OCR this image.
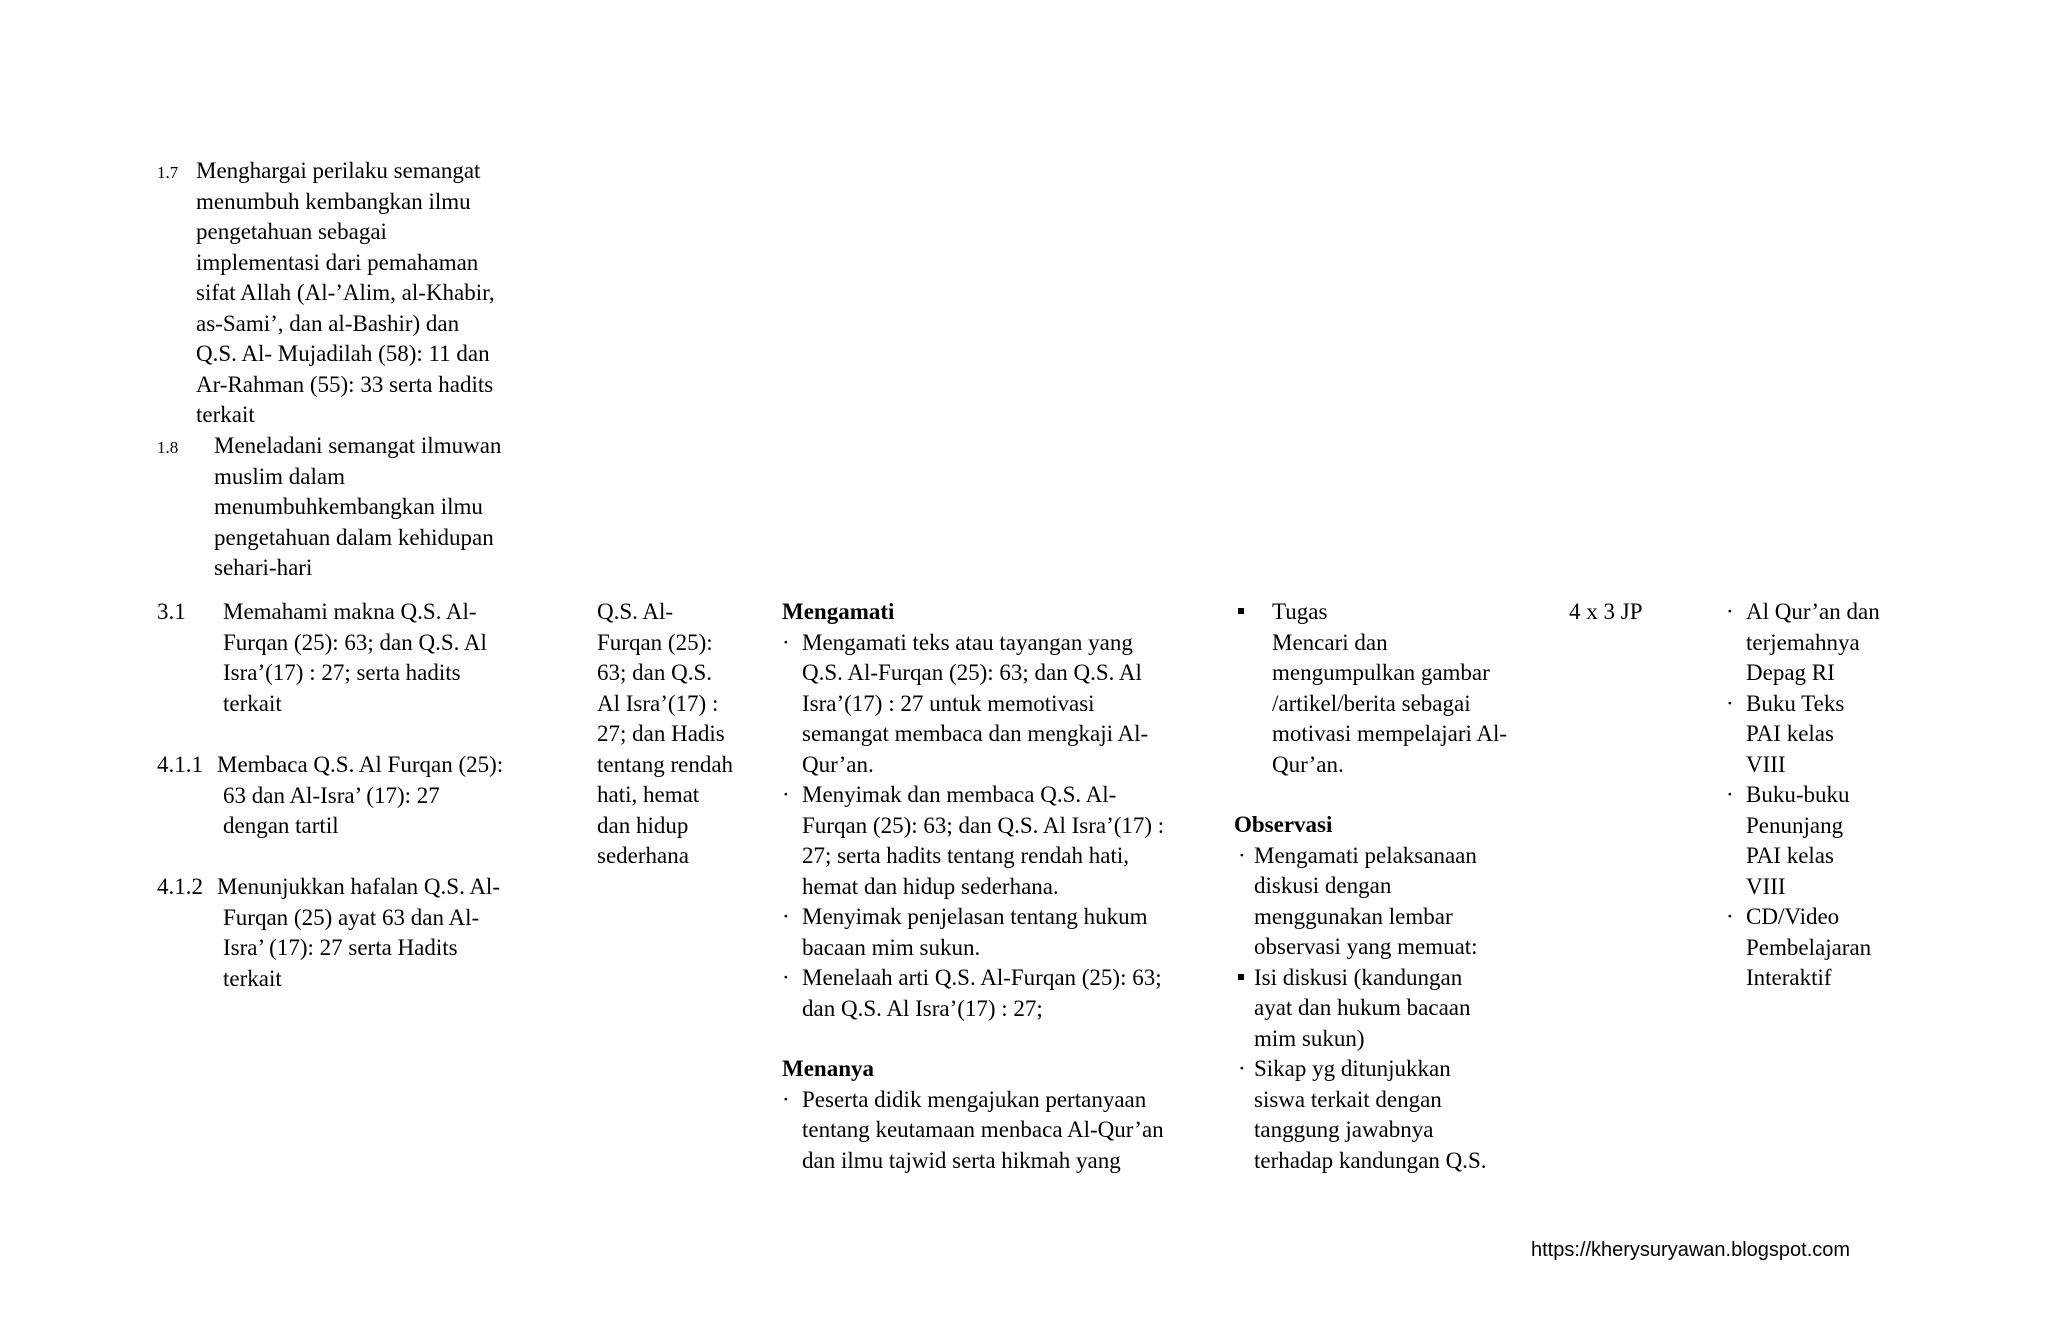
1.7 Menghargai perilaku semangat
menumbuh kembangkan ilmu
pengetahuan sebagai
implementasi dari pemahaman
sifat Allah (Al-’Alim, al-Khabir,
as-Sami’, dan al-Bashir) dan
Q.S. Al- Mujadilah (58): 11 dan
Ar-Rahman (55): 33 serta hadits
terkait
1.8 Meneladani semangat ilmuwan
muslim dalam
menumbuhkembangkan ilmu
pengetahuan dalam kehidupan
sehari-hari
3.1 Memahami makna Q.S. Al-
Furqan (25): 63; dan Q.S. Al
Isra’(17) : 27; serta hadits
terkait
4.1.1 Membaca Q.S. Al Furqan (25):
63 dan Al-Isra’ (17): 27
dengan tartil
4.1.2 Menunjukkan hafalan Q.S. Al-
Furqan (25) ayat 63 dan Al-
Isra’ (17): 27 serta Hadits
terkait
Q.S. Al-
Furqan (25):
63; dan Q.S.
Al Isra’(17) :
27; dan Hadis
tentang rendah
hati, hemat
dan hidup
sederhana
Mengamati
· Mengamati teks atau tayangan yang
Q.S. Al-Furqan (25): 63; dan Q.S. Al
Isra’(17) : 27 untuk memotivasi
semangat membaca dan mengkaji Al-
Qur’an.
· Menyimak dan membaca Q.S. Al-
Furqan (25): 63; dan Q.S. Al Isra’(17) :
27; serta hadits tentang rendah hati,
hemat dan hidup sederhana.
· Menyimak penjelasan tentang hukum
bacaan mim sukun.
· Menelaah arti Q.S. Al-Furqan (25): 63;
dan Q.S. Al Isra’(17) : 27;
Menanya
· Peserta didik mengajukan pertanyaan
tentang keutamaan menbaca Al-Qur’an
dan ilmu tajwid serta hikmah yang
Tugas
Mencari dan
mengumpulkan gambar
/artikel/berita sebagai
motivasi mempelajari Al-
Qur’an.
Observasi
· Mengamati pelaksanaan
diskusi dengan
menggunakan lembar
observasi yang memuat:
Isi diskusi (kandungan
ayat dan hukum bacaan
mim sukun)
· Sikap yg ditunjukkan
siswa terkait dengan
tanggung jawabnya
terhadap kandungan Q.S.
4 x 3 JP	· Al Qur’an dan
terjemahnya
Depag RI
· Buku Teks
PAI kelas
VIII
· Buku-buku
Penunjang
PAI kelas
VIII
· CD/Video
Pembelajaran
Interaktif
https://kherysuryawan.blogspot.com
